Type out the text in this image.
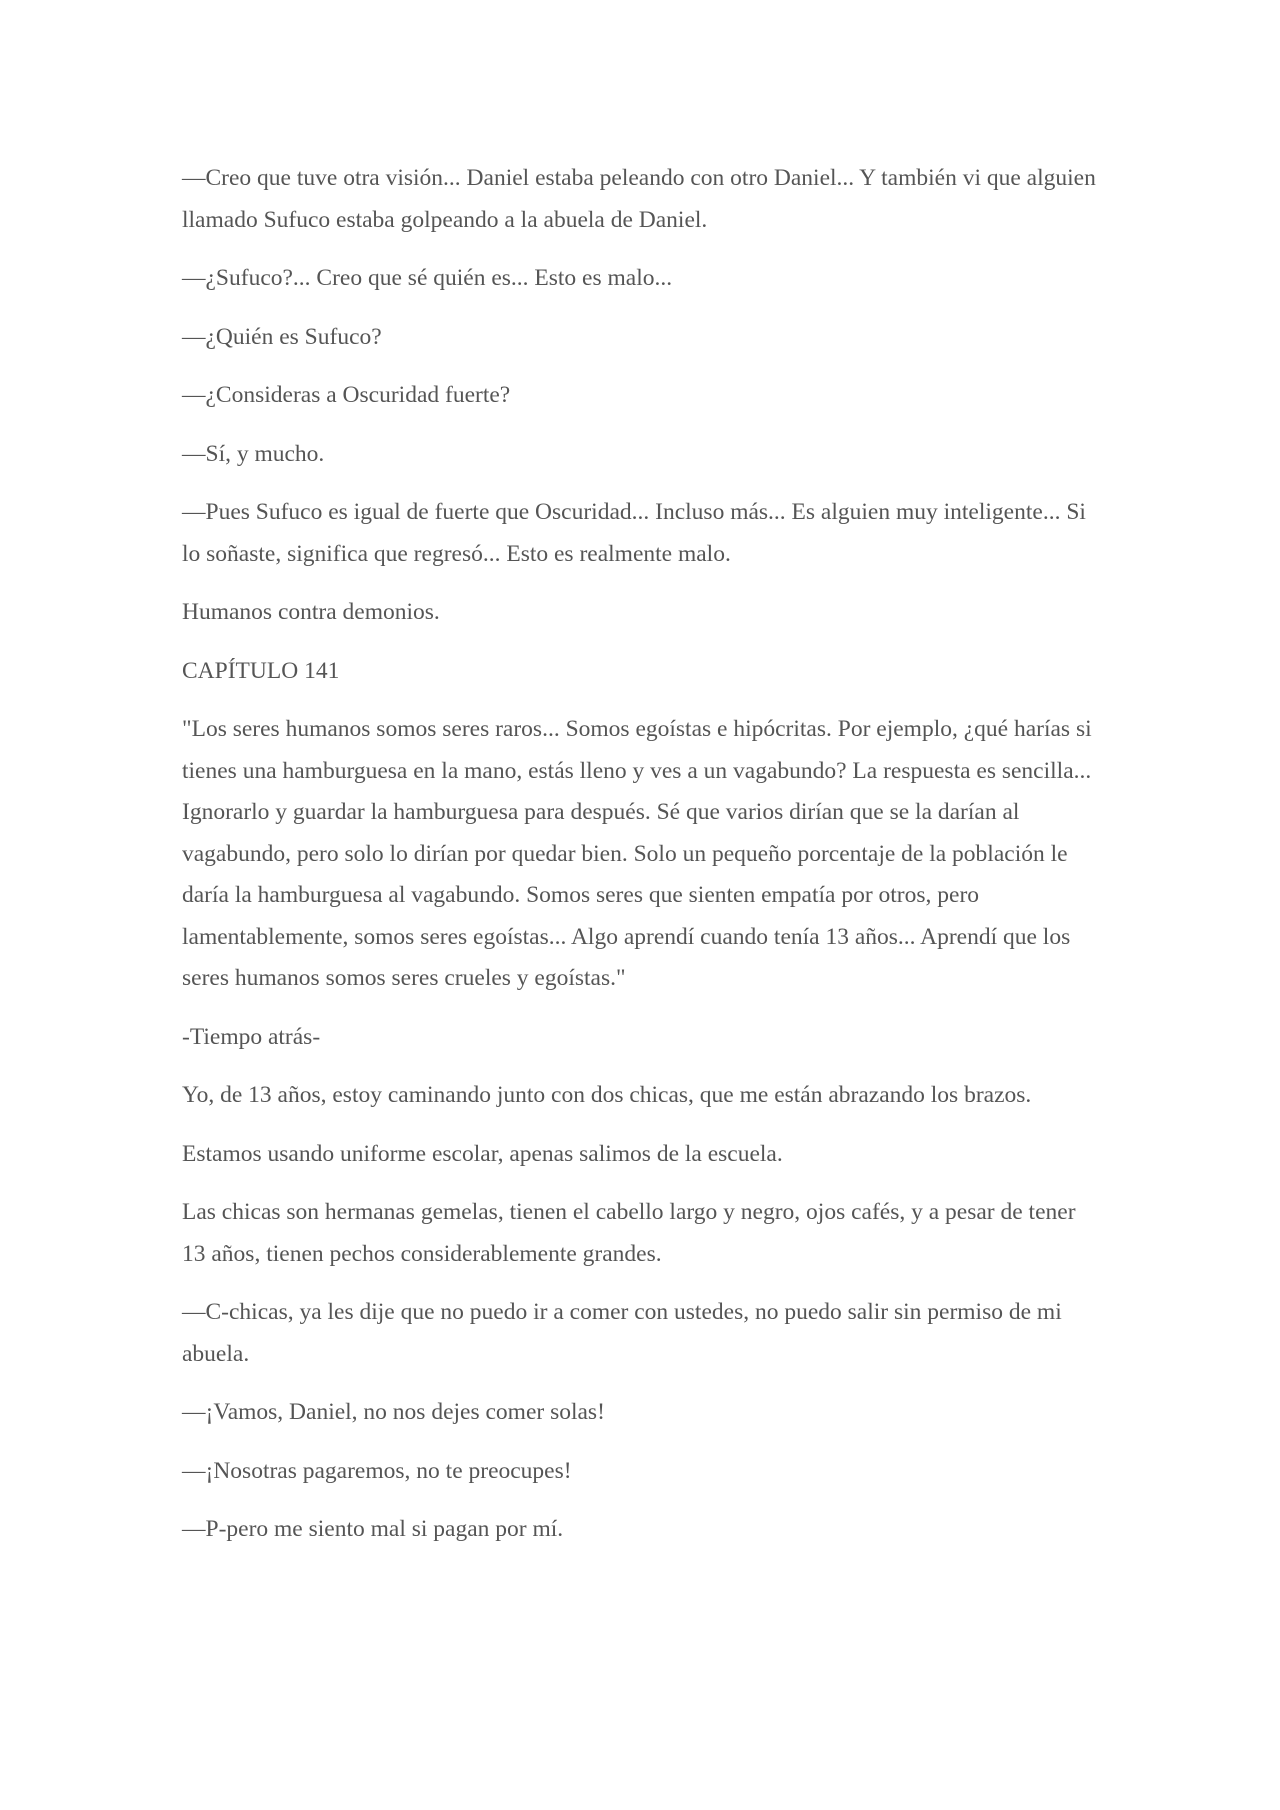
—Creo que tuve otra visión... Daniel estaba peleando con otro Daniel... Y también vi que alguien llamado Sufuco estaba golpeando a la abuela de Daniel.

—¿Sufuco?... Creo que sé quién es... Esto es malo...

—¿Quién es Sufuco?

—¿Consideras a Oscuridad fuerte?

—Sí, y mucho.

—Pues Sufuco es igual de fuerte que Oscuridad... Incluso más... Es alguien muy inteligente... Si lo soñaste, significa que regresó... Esto es realmente malo.

Humanos contra demonios.

CAPÍTULO 141

"Los seres humanos somos seres raros... Somos egoístas e hipócritas. Por ejemplo, ¿qué harías si tienes una hamburguesa en la mano, estás lleno y ves a un vagabundo? La respuesta es sencilla... Ignorarlo y guardar la hamburguesa para después. Sé que varios dirían que se la darían al vagabundo, pero solo lo dirían por quedar bien. Solo un pequeño porcentaje de la población le daría la hamburguesa al vagabundo. Somos seres que sienten empatía por otros, pero lamentablemente, somos seres egoístas... Algo aprendí cuando tenía 13 años... Aprendí que los seres humanos somos seres crueles y egoístas."

-Tiempo atrás-

Yo, de 13 años, estoy caminando junto con dos chicas, que me están abrazando los brazos.

Estamos usando uniforme escolar, apenas salimos de la escuela.

Las chicas son hermanas gemelas, tienen el cabello largo y negro, ojos cafés, y a pesar de tener 13 años, tienen pechos considerablemente grandes.

—C-chicas, ya les dije que no puedo ir a comer con ustedes, no puedo salir sin permiso de mi abuela.

—¡Vamos, Daniel, no nos dejes comer solas!

—¡Nosotras pagaremos, no te preocupes!

—P-pero me siento mal si pagan por mí.
